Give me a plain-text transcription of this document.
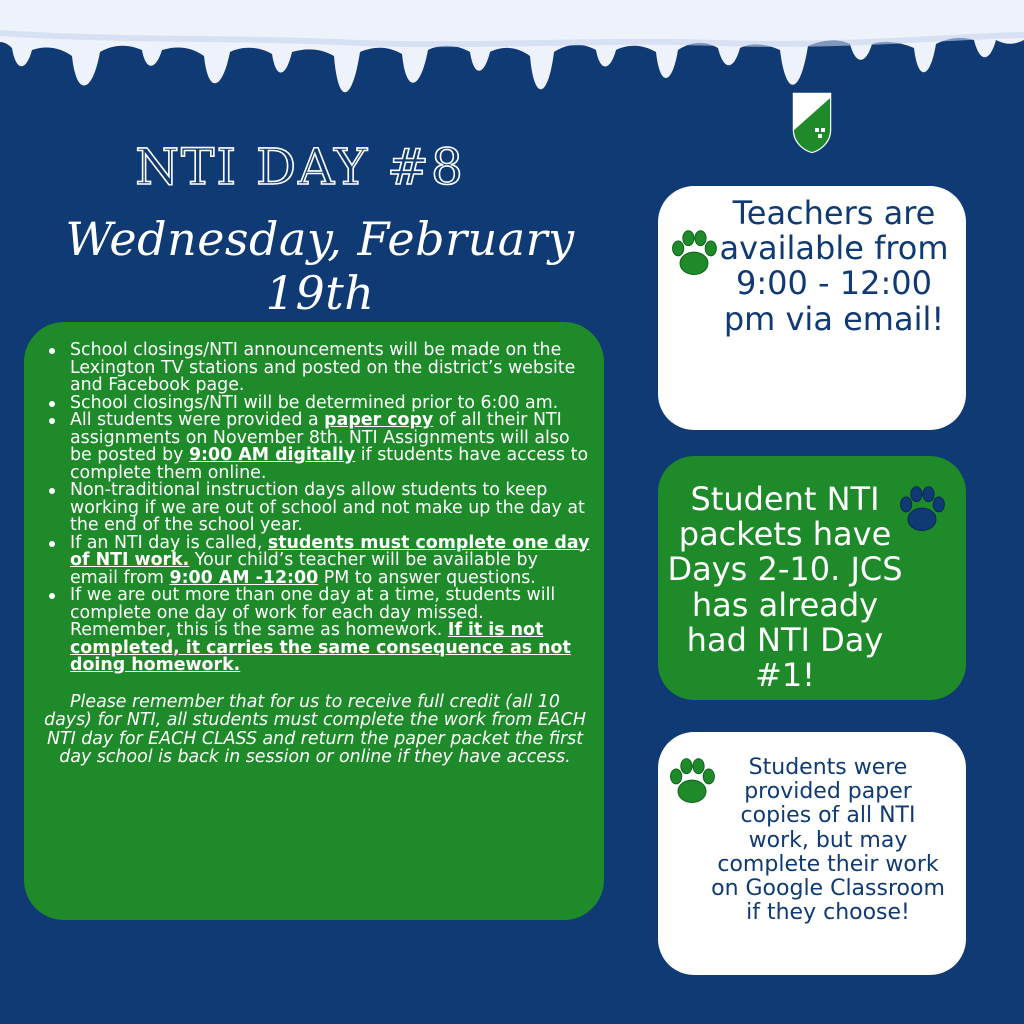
NTI DAY #8
Wednesday, February 19th
School closings/NTI announcements will be made on the Lexington TV stations and posted on the district’s website and Facebook page.
School closings/NTI will be determined prior to 6:00 am.
All students were provided a paper copy of all their NTI assignments on November 8th. NTI Assignments will also be posted by 9:00 AM digitally if students have access to complete them online.
Non-traditional instruction days allow students to keep working if we are out of school and not make up the day at the end of the school year.
If an NTI day is called, students must complete one day of NTI work. Your child’s teacher will be available by email from 9:00 AM -12:00 PM to answer questions.
If we are out more than one day at a time, students will complete one day of work for each day missed. Remember, this is the same as homework. If it is not completed, it carries the same consequence as not doing homework.

Please remember that for us to receive full credit (all 10 days) for NTI, all students must complete the work from EACH NTI day for EACH CLASS and return the paper packet the first day school is back in session or online if they have access.

Teachers are available from 9:00 - 12:00 pm via email!
Student NTI packets have Days 2-10. JCS has already had NTI Day #1!
Students were provided paper copies of all NTI work, but may complete their work on Google Classroom if they choose!
